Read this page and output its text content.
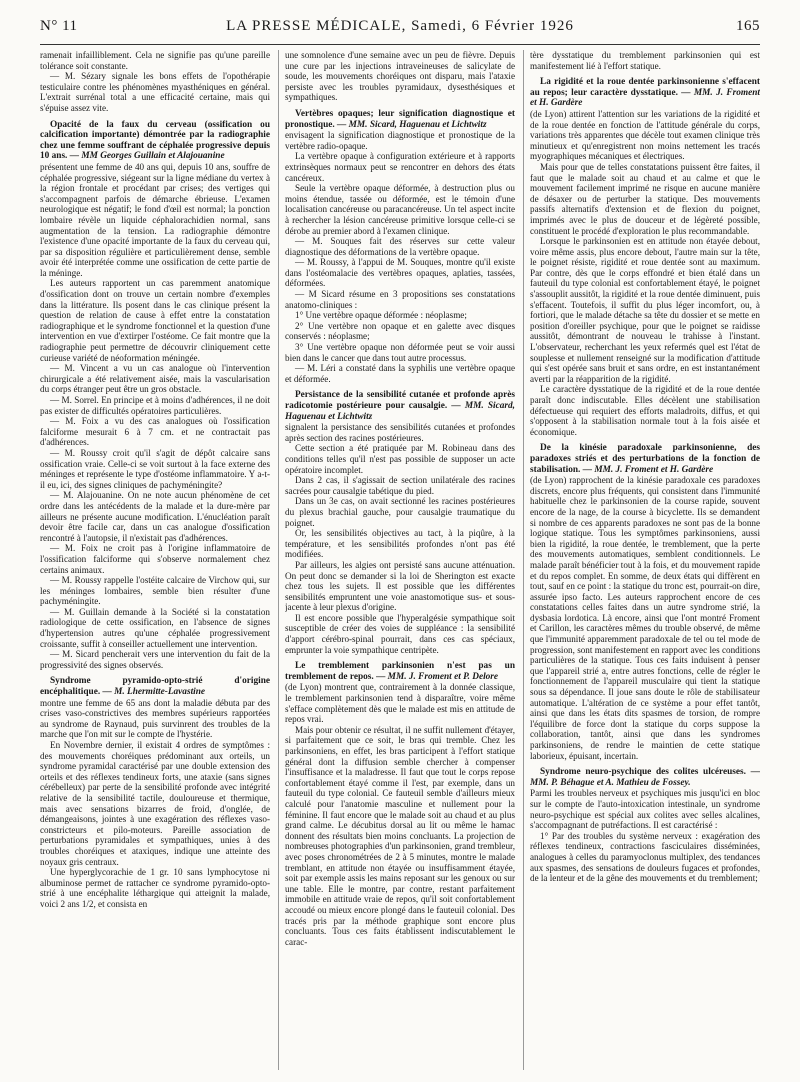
N° 11	LA PRESSE MÉDICALE, Samedi, 6 Février 1926	165

ramenait infailliblement. Cela ne signifie pas qu'une pareille tolérance soit constante.

— M. Sézary signale les bons effets de l'opothérapie testiculaire contre les phénomènes myasthéniques en général. L'extrait surrénal total a une efficacité certaine, mais qui s'épuise assez vite.

Opacité de la faux du cerveau (ossification ou calcification importante) démontrée par la radiographie chez une femme souffrant de céphalée progressive depuis 10 ans. — MM Georges Guillain et Alajouanine

présentent une femme de 40 ans qui, depuis 10 ans, souffre de céphalée progressive, siégeant sur la ligne médiane du vertex à la région frontale et procédant par crises; des vertiges qui s'accompagnent parfois de démarche ébrieuse. L'examen neurologique est négatif; le fond d'œil est normal; la ponction lombaire révèle un liquide céphalorachidien normal, sans augmentation de la tension. La radiographie démontre l'existence d'une opacité importante de la faux du cerveau qui, par sa disposition régulière et particulièrement dense, semble avoir été interprétée comme une ossification de cette partie de la méninge.

Les auteurs rapportent un cas paremment anatomique d'ossification dont on trouve un certain nombre d'exemples dans la littérature. Ils posent dans le cas clinique présent la question de relation de cause à effet entre la constatation radiographique et le syndrome fonctionnel et la question d'une intervention en vue d'extirper l'ostéome. Ce fait montre que la radiographie peut permettre de découvrir cliniquement cette curieuse variété de néoformation méningée.

— M. Vincent a vu un cas analogue où l'intervention chirurgicale a été relativement aisée, mais la vascularisation du corps étranger peut être un gros obstacle.

— M. Sorrel. En principe et à moins d'adhérences, il ne doit pas exister de difficultés opératoires particulières.

— M. Foix a vu des cas analogues où l'ossification falciforme mesurait 6 à 7 cm. et ne contractait pas d'adhérences.

— M. Roussy croit qu'il s'agit de dépôt calcaire sans ossification vraie. Celle-ci se voit surtout à la face externe des méninges et représente le type d'ostéome inflammatoire. Y a-t-il eu, ici, des signes cliniques de pachyméningite?

— M. Alajouanine. On ne note aucun phénomène de cet ordre dans les antécédents de la malade et la dure-mère par ailleurs ne présente aucune modification. L'énucléation paraît devoir être facile car, dans un cas analogue d'ossification rencontré à l'autopsie, il n'existait pas d'adhérences.

— M. Foix ne croit pas à l'origine inflammatoire de l'ossification falciforme qui s'observe normalement chez certains animaux.

— M. Roussy rappelle l'ostéite calcaire de Virchow qui, sur les méninges lombaires, semble bien résulter d'une pachyméningite.

— M. Guillain demande à la Société si la constatation radiologique de cette ossification, en l'absence de signes d'hypertension autres qu'une céphalée progressivement croissante, suffit à conseiller actuellement une intervention.

— M. Sicard pencherait vers une intervention du fait de la progressivité des signes observés.

Syndrome pyramido-opto-strié d'origine encéphalitique. — M. Lhermitte-Lavastine

montre une femme de 65 ans dont la maladie débuta par des crises vaso-constrictives des membres supérieurs rapportées au syndrome de Raynaud, puis survinrent des troubles de la marche que l'on mit sur le compte de l'hystérie.

En Novembre dernier, il existait 4 ordres de symptômes : des mouvements choréiques prédominant aux orteils, un syndrome pyramidal caractérisé par une double extension des orteils et des réflexes tendineux forts, une ataxie (sans signes cérébelleux) par perte de la sensibilité profonde avec intégrité relative de la sensibilité tactile, douloureuse et thermique, mais avec sensations bizarres de froid, d'onglée, de démangeaisons, jointes à une exagération des réflexes vaso-constricteurs et pilo-moteurs. Pareille association de perturbations pyramidales et sympathiques, unies à des troubles choréiques et ataxiques, indique une atteinte des noyaux gris centraux.

Une hyperglycorachie de 1 gr. 10 sans lymphocytose ni albuminose permet de rattacher ce syndrome pyramido-opto-strié à une encéphalite léthargique qui atteignit la malade, voici 2 ans 1/2, et consista en

une somnolence d'une semaine avec un peu de fièvre. Depuis une cure par les injections intraveineuses de salicylate de soude, les mouvements choréiques ont disparu, mais l'ataxie persiste avec les troubles pyramidaux, dysesthésiques et sympathiques.

Vertèbres opaques; leur signification diagnostique et pronostique. — MM. Sicard, Haguenau et Lichtwitz

envisagent la signification diagnostique et pronostique de la vertèbre radio-opaque.

La vertèbre opaque à configuration extérieure et à rapports extrinsèques normaux peut se rencontrer en dehors des états cancéreux.

Seule la vertèbre opaque déformée, à destruction plus ou moins étendue, tassée ou déformée, est le témoin d'une localisation cancéreuse ou paracancéreuse. Un tel aspect incite à rechercher la lésion cancéreuse primitive lorsque celle-ci se dérobe au premier abord à l'examen clinique.

— M. Souques fait des réserves sur cette valeur diagnostique des déformations de la vertèbre opaque.

— M. Roussy, à l'appui de M. Souques, montre qu'il existe dans l'ostéomalacie des vertèbres opaques, aplaties, tassées, déformées.

— M Sicard résume en 3 propositions ses constatations anatomo-cliniques :

1° Une vertèbre opaque déformée : néoplasme;

2° Une vertèbre non opaque et en galette avec disques conservés : néoplasme;

3° Une vertèbre opaque non déformée peut se voir aussi bien dans le cancer que dans tout autre processus.

— M. Léri a constaté dans la syphilis une vertèbre opaque et déformée.

Persistance de la sensibilité cutanée et profonde après radicotomie postérieure pour causalgie. — MM. Sicard, Haguenau et Lichtwitz

signalent la persistance des sensibilités cutanées et profondes après section des racines postérieures.

Cette section a été pratiquée par M. Robineau dans des conditions telles qu'il n'est pas possible de supposer un acte opératoire incomplet.

Dans 2 cas, il s'agissait de section unilatérale des racines sacrées pour causalgie tabétique du pied.

Dans un 3e cas, on avait sectionné les racines postérieures du plexus brachial gauche, pour causalgie traumatique du poignet.

Or, les sensibilités objectives au tact, à la piqûre, à la température, et les sensibilités profondes n'ont pas été modifiées.

Par ailleurs, les algies ont persisté sans aucune atténuation. On peut donc se demander si la loi de Sherington est exacte chez tous les sujets. Il est possible que les différentes sensibilités empruntent une voie anastomotique sus- et sous-jacente à leur plexus d'origine.

Il est encore possible que l'hyperalgésie sympathique soit susceptible de créer des voies de suppléance : la sensibilité d'apport cérébro-spinal pourrait, dans ces cas spéciaux, emprunter la voie sympathique centripète.

Le tremblement parkinsonien n'est pas un tremblement de repos. — MM. J. Froment et P. Delore

(de Lyon) montrent que, contrairement à la donnée classique, le tremblement parkinsonien tend à disparaître, voire même s'efface complètement dès que le malade est mis en attitude de repos vrai.

Mais pour obtenir ce résultat, il ne suffit nullement d'étayer, si parfaitement que ce soit, le bras qui tremble. Chez les parkinsoniens, en effet, les bras participent à l'effort statique général dont la diffusion semble chercher à compenser l'insuffisance et la maladresse. Il faut que tout le corps repose confortablement étayé comme il l'est, par exemple, dans un fauteuil du type colonial. Ce fauteuil semble d'ailleurs mieux calculé pour l'anatomie masculine et nullement pour la féminine. Il faut encore que le malade soit au chaud et au plus grand calme. Le décubitus dorsal au lit ou même le hamac donnent des résultats bien moins concluants. La projection de nombreuses photographies d'un parkinsonien, grand trembleur, avec poses chronométrées de 2 à 5 minutes, montre le malade tremblant, en attitude non étayée ou insuffisamment étayée, soit par exemple assis les mains reposant sur les genoux ou sur une table. Elle le montre, par contre, restant parfaitement immobile en attitude vraie de repos, qu'il soit confortablement accoudé ou mieux encore plongé dans le fauteuil colonial. Des tracés pris par la méthode graphique sont encore plus concluants. Tous ces faits établissent indiscutablement le carac-

tère dysstatique du tremblement parkinsonien qui est manifestement lié à l'effort statique.

La rigidité et la roue dentée parkinsonienne s'effacent au repos; leur caractère dysstatique. — MM. J. Froment et H. Gardère

(de Lyon) attirent l'attention sur les variations de la rigidité et de la roue dentée en fonction de l'attitude générale du corps, variations très apparentes que décèle tout examen clinique très minutieux et qu'enregistrent non moins nettement les tracés myographiques mécaniques et électriques.

Mais pour que de telles constatations puissent être faites, il faut que le malade soit au chaud et au calme et que le mouvement facilement imprimé ne risque en aucune manière de désaxer ou de perturber la statique. Des mouvements passifs alternatifs d'extension et de flexion du poignet, imprimés avec le plus de douceur et de légèreté possible, constituent le procédé d'exploration le plus recommandable.

Lorsque le parkinsonien est en attitude non étayée debout, voire même assis, plus encore debout, l'autre main sur la tête, le poignet résiste, rigidité et roue dentée sont au maximum. Par contre, dès que le corps effondré et bien étalé dans un fauteuil du type colonial est confortablement étayé, le poignet s'assouplit aussitôt, la rigidité et la roue dentée diminuent, puis s'effacent. Toutefois, il suffit du plus léger incomfort, ou, à fortiori, que le malade détache sa tête du dossier et se mette en position d'oreiller psychique, pour que le poignet se raidisse aussitôt, démontrant de nouveau le trahisse à l'instant. L'observateur, recherchant les yeux refermés quel est l'état de souplesse et nullement renseigné sur la modification d'attitude qui s'est opérée sans bruit et sans ordre, en est instantanément averti par la réapparition de la rigidité.

Le caractère dysstatique de la rigidité et de la roue dentée paraît donc indiscutable. Elles décèlent une stabilisation défectueuse qui requiert des efforts maladroits, diffus, et qui s'opposent à la stabilisation normale tout à la fois aisée et économique.

De la kinésie paradoxale parkinsonienne, des paradoxes striés et des perturbations de la fonction de stabilisation. — MM. J. Froment et H. Gardère

(de Lyon) rapprochent de la kinésie paradoxale ces paradoxes discrets, encore plus fréquents, qui consistent dans l'immunité habituelle chez le parkinsonien de la course rapide, souvent encore de la nage, de la course à bicyclette. Ils se demandent si nombre de ces apparents paradoxes ne sont pas de la bonne logique statique. Tous les symptômes parkinsoniens, aussi bien la rigidité, la roue dentée, le tremblement, que la perte des mouvements automatiques, semblent conditionnels. Le malade paraît bénéficier tout à la fois, et du mouvement rapide et du repos complet. En somme, de deux états qui diffèrent en tout, sauf en ce point : la statique du tronc est, pourrait-on dire, assurée ipso facto. Les auteurs rapprochent encore de ces constatations celles faites dans un autre syndrome strié, la dysbasia lordotica. Là encore, ainsi que l'ont montré Froment et Carillon, les caractères mêmes du trouble observé, de même que l'immunité apparemment paradoxale de tel ou tel mode de progression, sont manifestement en rapport avec les conditions particulières de la statique. Tous ces faits induisent à penser que l'appareil strié a, entre autres fonctions, celle de régler le fonctionnement de l'appareil musculaire qui tient la statique sous sa dépendance. Il joue sans doute le rôle de stabilisateur automatique. L'altération de ce système a pour effet tantôt, ainsi que dans les états dits spasmes de torsion, de rompre l'équilibre de force dont la statique du corps suppose la collaboration, tantôt, ainsi que dans les syndromes parkinsoniens, de rendre le maintien de cette statique laborieux, épuisant, incertain.

Syndrome neuro-psychique des colites ulcéreuses. — MM. P. Béhague et A. Mathieu de Fossey.

Parmi les troubles nerveux et psychiques mis jusqu'ici en bloc sur le compte de l'auto-intoxication intestinale, un syndrome neuro-psychique est spécial aux colites avec selles alcalines, s'accompagnant de putréfactions. Il est caractérisé :

1° Par des troubles du système nerveux : exagération des réflexes tendineux, contractions fasciculaires disséminées, analogues à celles du paramyoclonus multiplex, des tendances aux spasmes, des sensations de douleurs fugaces et profondes, de la lenteur et de la gêne des mouvements et du tremblement;
